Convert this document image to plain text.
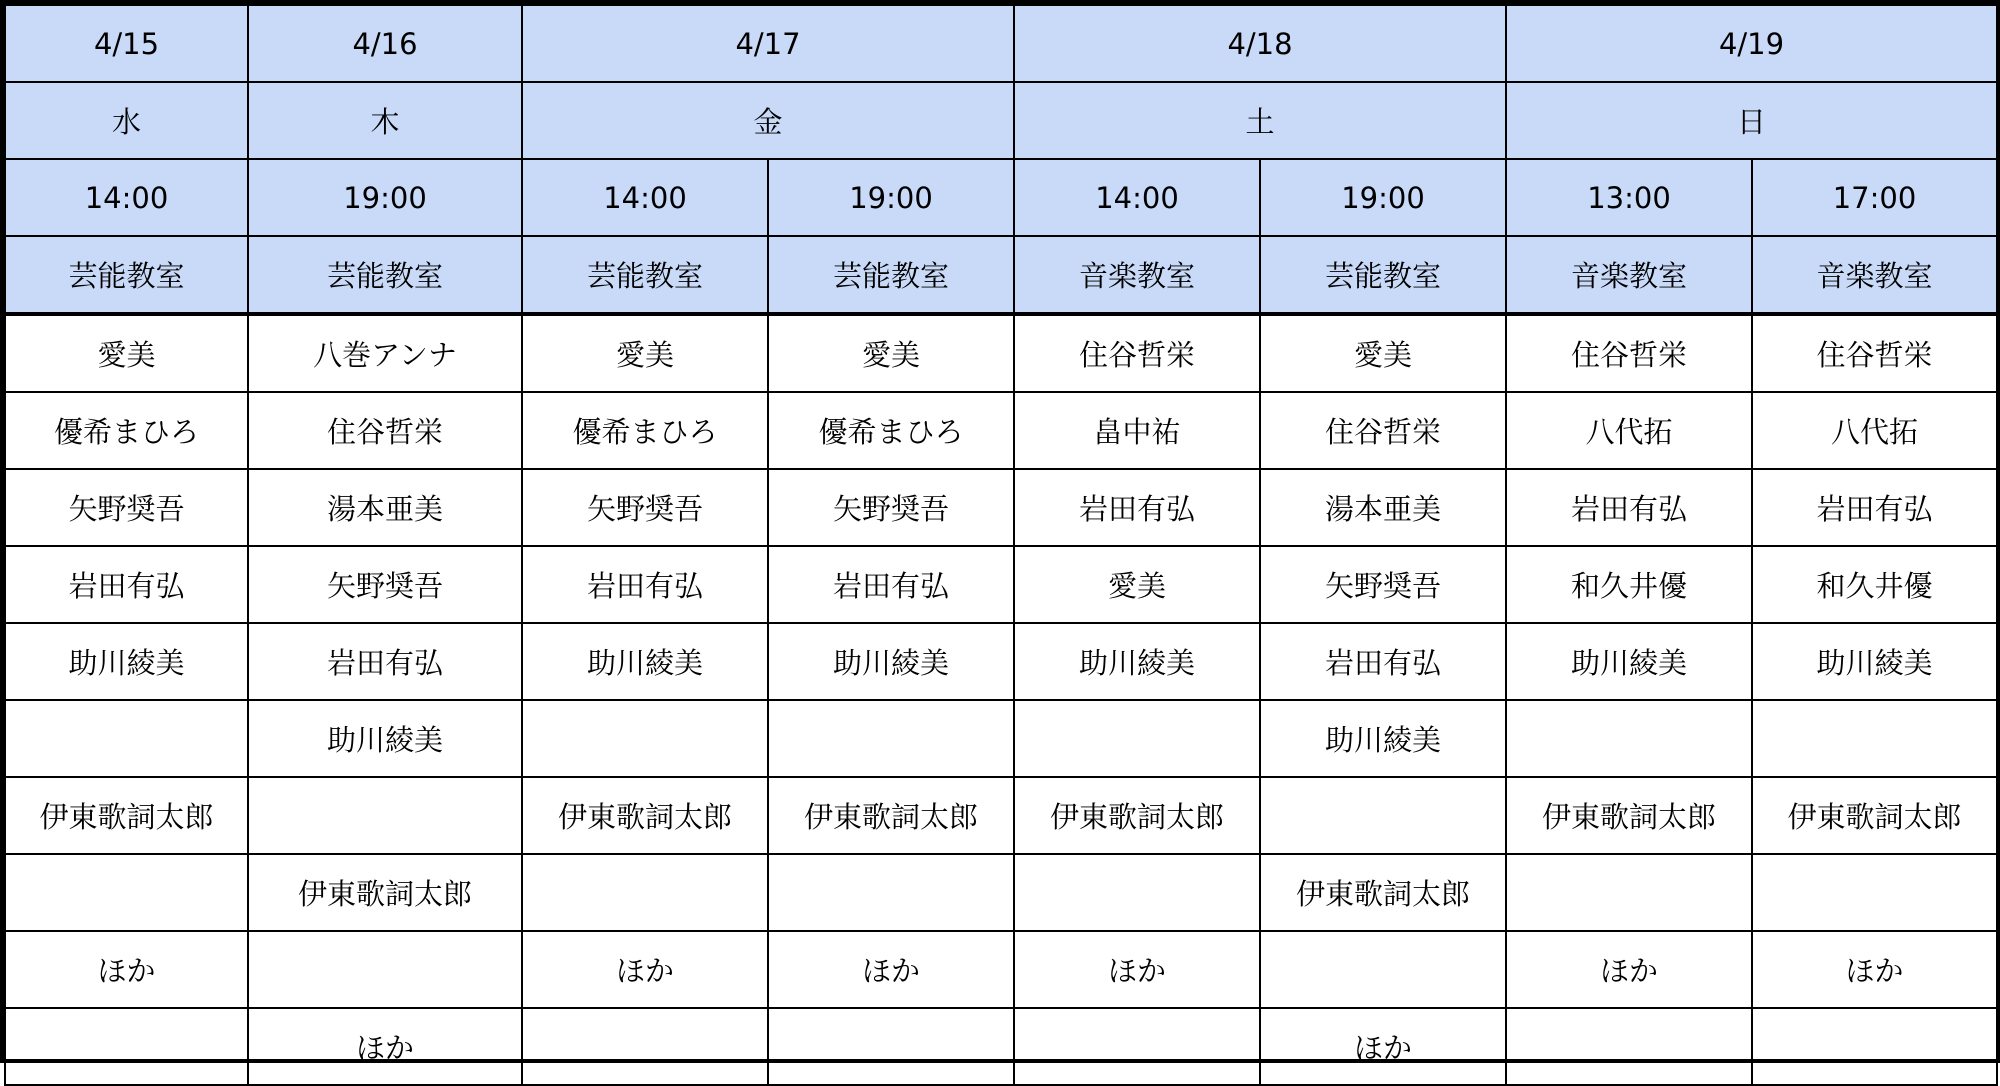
4/15	4/16	4/17		4/18		4/19	
水	木	金		土		日	
14:00	19:00	14:00	19:00	14:00	19:00	13:00	17:00
芸能教室	芸能教室	芸能教室	芸能教室	音楽教室	芸能教室	音楽教室	音楽教室
愛美	八巻アンナ	愛美	愛美	住谷哲栄	愛美	住谷哲栄	住谷哲栄
優希まひろ	住谷哲栄	優希まひろ	優希まひろ	畠中祐	住谷哲栄	八代拓	八代拓
矢野奨吾	湯本亜美	矢野奨吾	矢野奨吾	岩田有弘	湯本亜美	岩田有弘	岩田有弘
岩田有弘	矢野奨吾	岩田有弘	岩田有弘	愛美	矢野奨吾	和久井優	和久井優
助川綾美	岩田有弘	助川綾美	助川綾美	助川綾美	岩田有弘	助川綾美	助川綾美
	助川綾美				助川綾美		
伊東歌詞太郎		伊東歌詞太郎	伊東歌詞太郎	伊東歌詞太郎		伊東歌詞太郎	伊東歌詞太郎
	伊東歌詞太郎				伊東歌詞太郎		
ほか		ほか	ほか	ほか		ほか	ほか
	ほか				ほか		
